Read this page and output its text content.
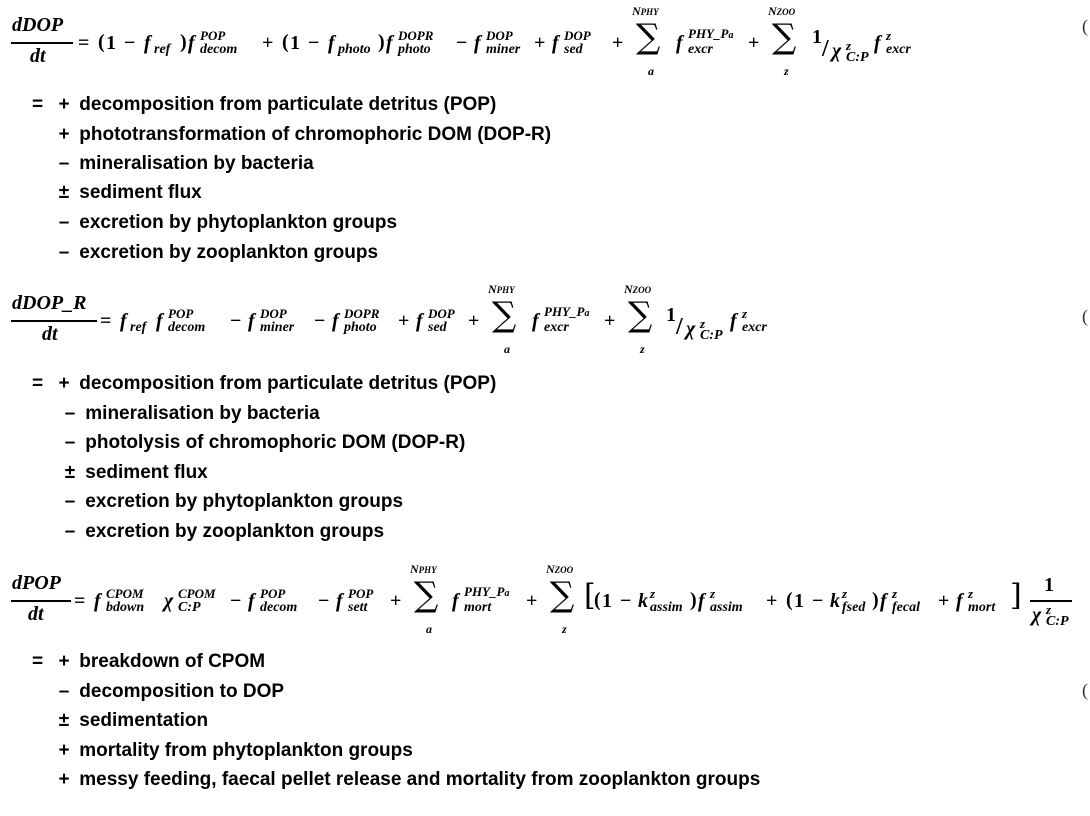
dDOP
dt
= ( 1 − f ref ) f POP
decom + ( 1 − f photo ) f DOPR
photo − f DOP
miner + f DOP
sed +
NPHY
∑
a
f PHY_Pa
excr +
NZOO
∑
z
1 / χ z
C:P
f z
excr
(
= + decomposition from particulate detritus (POP)
+ phototransformation of chromophoric DOM (DOP-R)
– mineralisation by bacteria
± sediment flux
– excretion by phytoplankton groups
– excretion by zooplankton groups
dDOP_R
dt
= f ref f POP
decom − f DOP
miner − f DOPR
photo + f DOP
sed +
NPHY
∑
a
f PHY_Pa
excr +
NZOO
∑
z
1 / χ z
C:P
f z
excr
(
= + decomposition from particulate detritus (POP)
– mineralisation by bacteria
– photolysis of chromophoric DOM (DOP-R)
± sediment flux
– excretion by phytoplankton groups
– excretion by zooplankton groups
dPOP
dt
= f CPOM
bdown χ CPOM
C:P − f POP
decom − f POP
sett +
NPHY
∑
a
f PHY_Pa
mort +
NZOO
∑
z
[
( 1 − k z
assim ) f z
assim + ( 1 − k z
fsed ) f z
fecal + f z
mort ] 1
χ z
C:P
(
= + breakdown of CPOM
– decomposition to DOP
± sedimentation
+ mortality from phytoplankton groups
+ messy feeding, faecal pellet release and mortality from zooplankton groups
